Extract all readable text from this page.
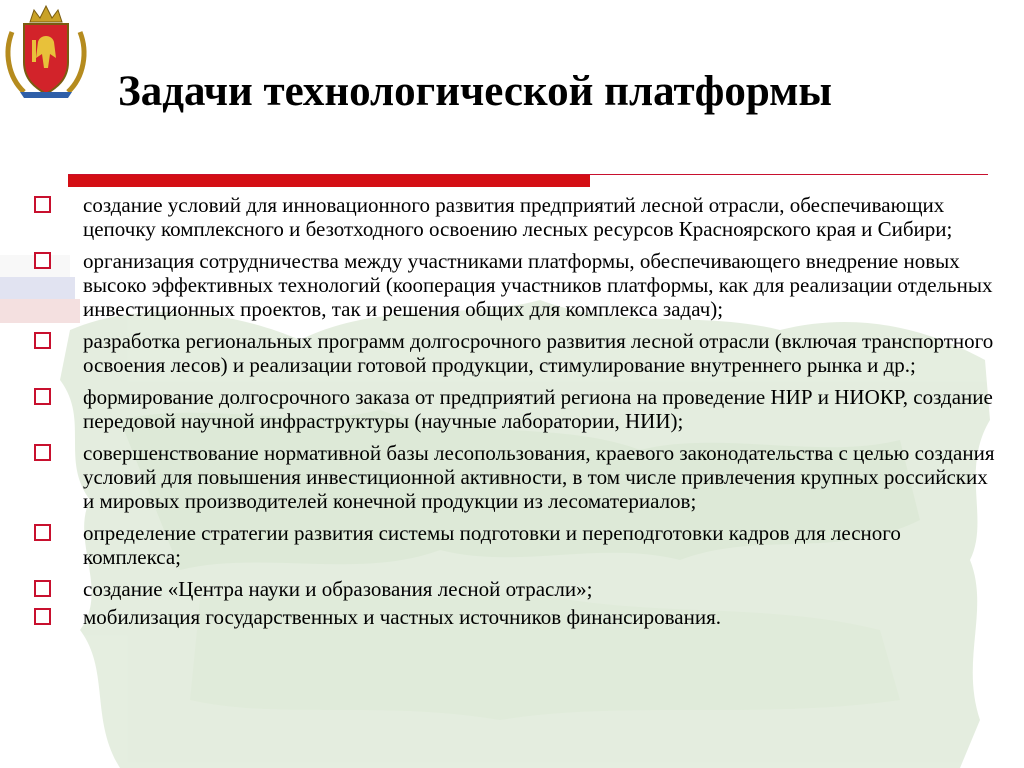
Задачи технологической платформы
создание условий для инновационного развития предприятий лесной отрасли, обеспечивающих цепочку комплексного и безотходного освоению лесных ресурсов Красноярского края и Сибири;
организация сотрудничества между участниками платформы, обеспечивающего внедрение новых высоко эффективных технологий (кооперация участников платформы, как для реализации отдельных инвестиционных проектов, так и решения общих для комплекса задач);
разработка региональных программ долгосрочного развития лесной отрасли (включая транспортного освоения лесов) и реализации готовой продукции, стимулирование внутреннего рынка и др.;
формирование долгосрочного заказа от предприятий региона на проведение НИР и НИОКР, создание передовой научной инфраструктуры (научные лаборатории, НИИ);
совершенствование нормативной базы лесопользования, краевого законодательства с целью создания условий для повышения инвестиционной активности, в том числе привлечения крупных российских и мировых производителей конечной продукции из лесоматериалов;
определение стратегии развития системы подготовки и переподготовки кадров для лесного комплекса;
создание «Центра науки и образования лесной отрасли»;
мобилизация государственных и частных источников финансирования.
